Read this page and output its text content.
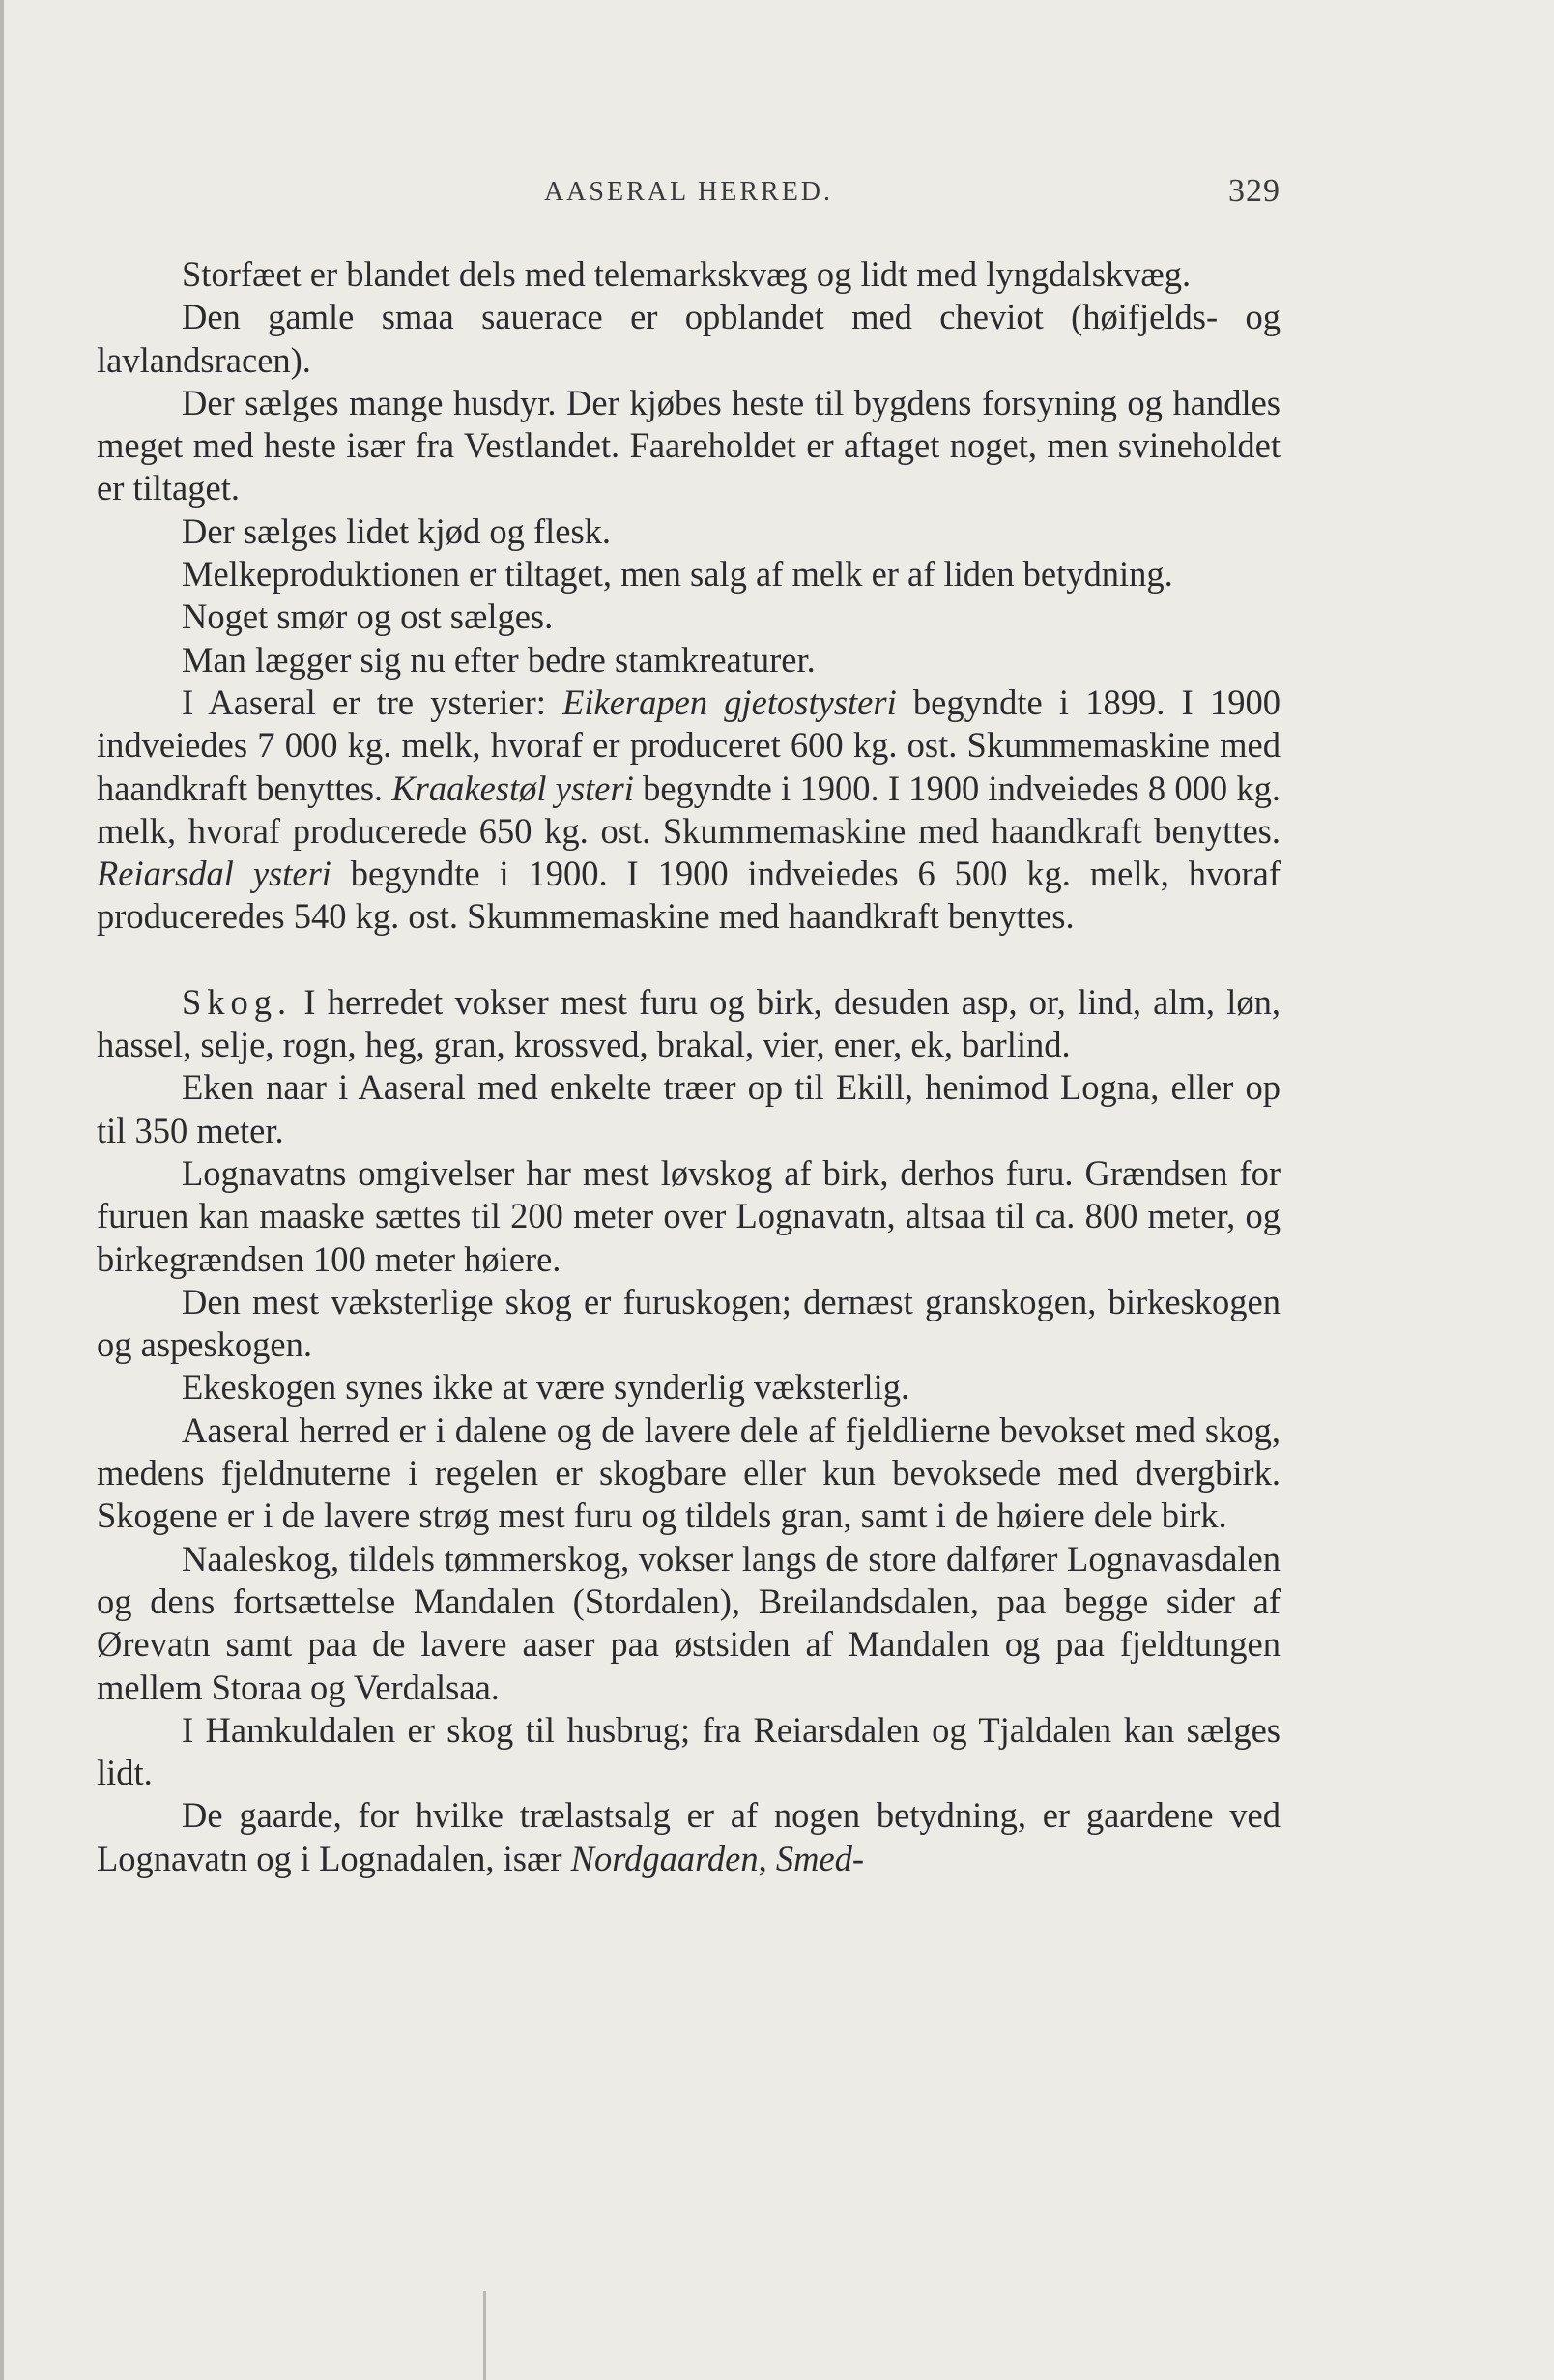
AASERAL HERRED.	329

Storfæet er blandet dels med telemarkskvæg og lidt med lyngdalskvæg.

Den gamle smaa sauerace er opblandet med cheviot (høifjelds- og lavlandsracen).

Der sælges mange husdyr. Der kjøbes heste til bygdens forsyning og handles meget med heste især fra Vestlandet. Faareholdet er aftaget noget, men svineholdet er tiltaget.

Der sælges lidet kjød og flesk.

Melkeproduktionen er tiltaget, men salg af melk er af liden betydning.

Noget smør og ost sælges.

Man lægger sig nu efter bedre stamkreaturer.

I Aaseral er tre ysterier: Eikerapen gjetostysteri begyndte i 1899. I 1900 indveiedes 7 000 kg. melk, hvoraf er produceret 600 kg. ost. Skummemaskine med haandkraft benyttes. Kraakestøl ysteri begyndte i 1900. I 1900 indveiedes 8 000 kg. melk, hvoraf producerede 650 kg. ost. Skummemaskine med haandkraft benyttes. Reiarsdal ysteri begyndte i 1900. I 1900 indveiedes 6 500 kg. melk, hvoraf produceredes 540 kg. ost. Skummemaskine med haandkraft benyttes.

Skog. I herredet vokser mest furu og birk, desuden asp, or, lind, alm, løn, hassel, selje, rogn, heg, gran, krossved, brakal, vier, ener, ek, barlind.

Eken naar i Aaseral med enkelte træer op til Ekill, henimod Logna, eller op til 350 meter.

Lognavatns omgivelser har mest løvskog af birk, derhos furu. Grændsen for furuen kan maaske sættes til 200 meter over Lognavatn, altsaa til ca. 800 meter, og birkegrændsen 100 meter høiere.

Den mest væksterlige skog er furuskogen; dernæst granskogen, birkeskogen og aspeskogen.

Ekeskogen synes ikke at være synderlig væksterlig.

Aaseral herred er i dalene og de lavere dele af fjeldlierne bevokset med skog, medens fjeldnuterne i regelen er skogbare eller kun bevoksede med dvergbirk. Skogene er i de lavere strøg mest furu og tildels gran, samt i de høiere dele birk.

Naaleskog, tildels tømmerskog, vokser langs de store dalfører Lognavasdalen og dens fortsættelse Mandalen (Stordalen), Breilandsdalen, paa begge sider af Ørevatn samt paa de lavere aaser paa østsiden af Mandalen og paa fjeldtungen mellem Storaa og Verdalsaa.

I Hamkuldalen er skog til husbrug; fra Reiarsdalen og Tjaldalen kan sælges lidt.

De gaarde, for hvilke trælastsalg er af nogen betydning, er gaardene ved Lognavatn og i Lognadalen, især Nordgaarden, Smed-
